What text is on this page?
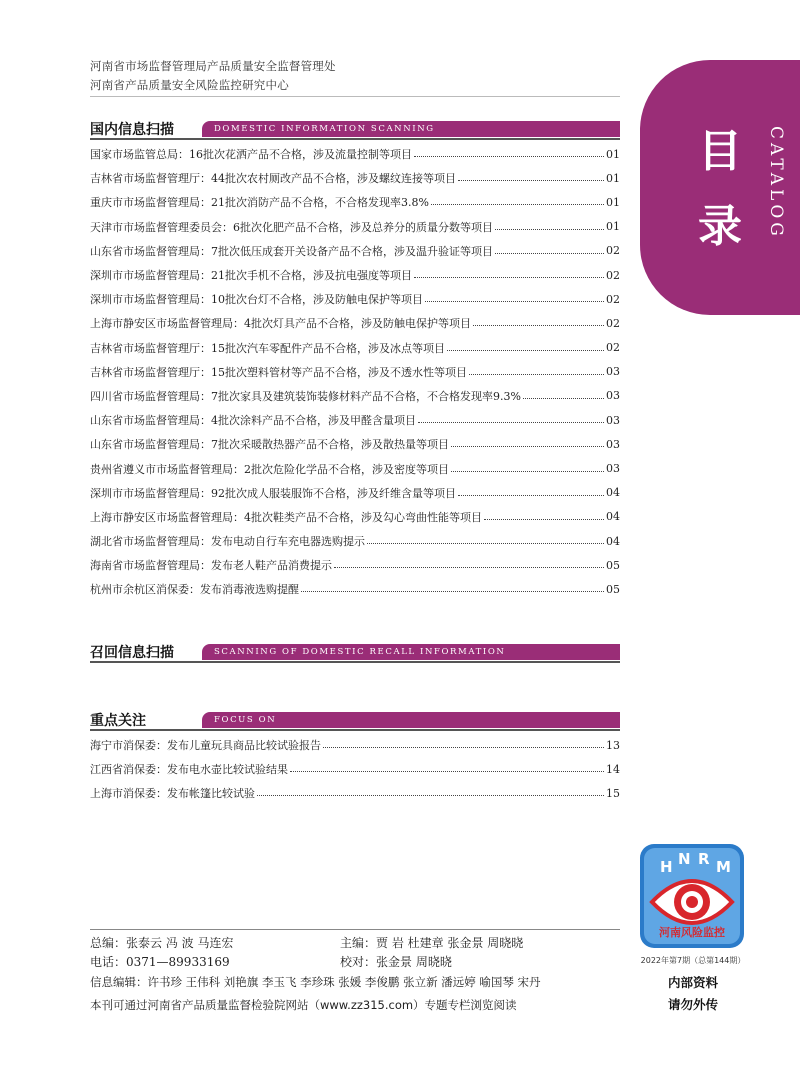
河南省市场监督管理局产品质量安全监督管理处
河南省产品质量安全风险监控研究中心
目
录 CATALOG
国内信息扫描	DOMESTIC INFORMATION SCANNING
国家市场监管总局：16批次花洒产品不合格，涉及流量控制等项目	01
吉林省市场监督管理厅：44批次农村厕改产品不合格，涉及螺纹连接等项目	01
重庆市市场监督管理局：21批次消防产品不合格，不合格发现率3.8%	01
天津市市场监督管理委员会：6批次化肥产品不合格，涉及总养分的质量分数等项目	01
山东省市场监督管理局：7批次低压成套开关设备产品不合格，涉及温升验证等项目	02
深圳市市场监督管理局：21批次手机不合格，涉及抗电强度等项目	02
深圳市市场监督管理局：10批次台灯不合格，涉及防触电保护等项目	02
上海市静安区市场监督管理局：4批次灯具产品不合格，涉及防触电保护等项目	02
吉林省市场监督管理厅：15批次汽车零配件产品不合格，涉及冰点等项目	02
吉林省市场监督管理厅：15批次塑料管材等产品不合格，涉及不透水性等项目	03
四川省市场监督管理局：7批次家具及建筑装饰装修材料产品不合格，不合格发现率9.3%	03
山东省市场监督管理局：4批次涂料产品不合格，涉及甲醛含量项目	03
山东省市场监督管理局：7批次采暖散热器产品不合格，涉及散热量等项目	03
贵州省遵义市市场监督管理局：2批次危险化学品不合格，涉及密度等项目	03
深圳市市场监督管理局：92批次成人服装服饰不合格，涉及纤维含量等项目	04
上海市静安区市场监督管理局：4批次鞋类产品不合格，涉及勾心弯曲性能等项目	04
湖北省市场监督管理局：发布电动自行车充电器选购提示	04
海南省市场监督管理局：发布老人鞋产品消费提示	05
杭州市余杭区消保委：发布消毒液选购提醒	05
召回信息扫描	SCANNING OF DOMESTIC RECALL INFORMATION
重点关注	FOCUS ON
海宁市消保委：发布儿童玩具商品比较试验报告	13
江西省消保委：发布电水壶比较试验结果	14
上海市消保委：发布帐篷比较试验	15
H N R M
河南风险监控
2022年第7期（总第144期）
内部资料
请勿外传
总编：张泰云 冯 波 马连宏	主编：贾 岩 杜建章 张金景 周晓晓
电话：0371—89933169	校对：张金景 周晓晓
信息编辑：许书珍 王伟科 刘艳旗 李玉飞 李珍珠 张媛 李俊鹏 张立新 潘远婷 喻国琴 宋丹
本刊可通过河南省产品质量监督检验院网站（www.zz315.com）专题专栏浏览阅读
